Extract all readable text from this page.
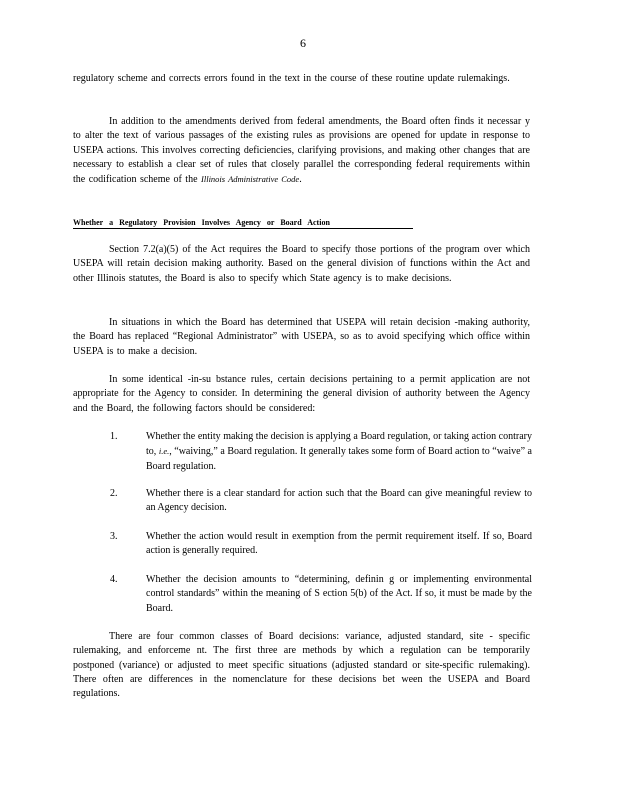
6

regulatory scheme and corrects errors found in the text in the course of these routine update rulemakings.

In addition to the amendments derived from federal amendments, the Board often finds it necessar y to alter the text of various passages of the existing rules as provisions are opened for update in response to USEPA actions. This involves correcting deficiencies, clarifying provisions, and making other changes that are necessary to establish a clear set of rules that closely parallel the corresponding federal requirements within the codification scheme of the Illinois Administrative Code.

Whether a Regulatory Provision Involves Agency or Board Action

Section 7.2(a)(5) of the Act requires the Board to specify those portions of the program over which USEPA will retain decision making authority. Based on the general division of functions within the Act and other Illinois statutes, the Board is also to specify which State agency is to make decisions.

In situations in which the Board has determined that USEPA will retain decision -making authority, the Board has replaced “Regional Administrator” with USEPA, so as to avoid specifying which office within USEPA is to make a decision.

In some identical -in-su bstance rules, certain decisions pertaining to a permit application are not appropriate for the Agency to consider. In determining the general division of authority between the Agency and the Board, the following factors should be considered:

1.	Whether the entity making the decision is applying a Board regulation, or taking action contrary to, i.e., “waiving,” a Board regulation. It generally takes some form of Board action to “waive” a Board regulation.
2.	Whether there is a clear standard for action such that the Board can give meaningful review to an Agency decision.
3.	Whether the action would result in exemption from the permit requirement itself. If so, Board action is generally required.
4.	Whether the decision amounts to “determining, definin g or implementing environmental control standards” within the meaning of S ection 5(b) of the Act. If so, it must be made by the Board.

There are four common classes of Board decisions: variance, adjusted standard, site - specific rulemaking, and enforceme nt. The first three are methods by which a regulation can be temporarily postponed (variance) or adjusted to meet specific situations (adjusted standard or site-specific rulemaking). There often are differences in the nomenclature for these decisions bet ween the USEPA and Board regulations.
